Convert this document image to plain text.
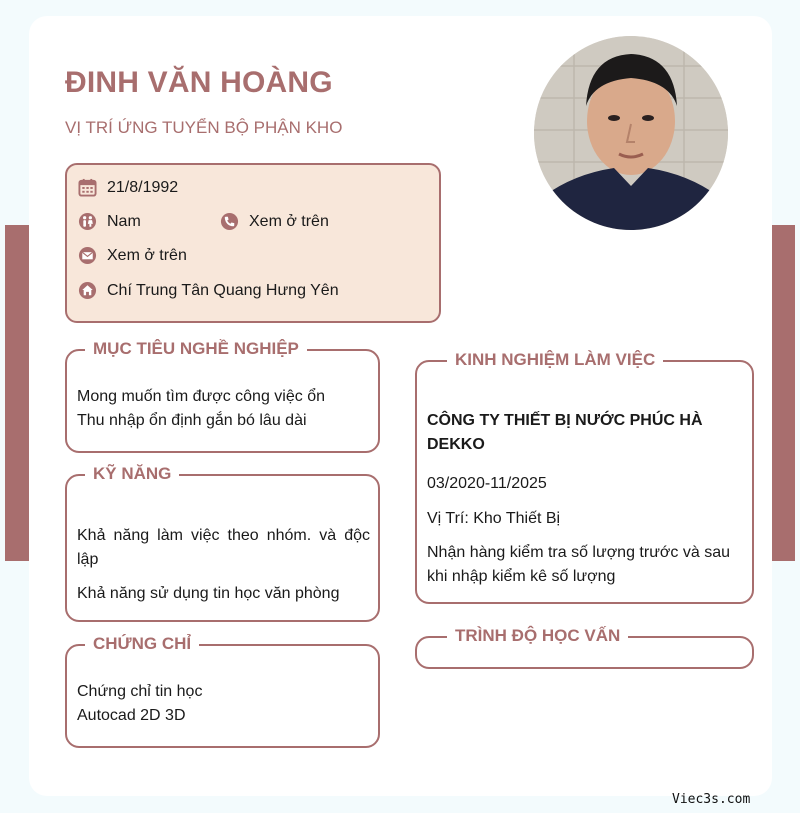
ĐINH VĂN HOÀNG
VỊ TRÍ ỨNG TUYỂN BỘ PHẬN KHO
21/8/1992
Nam	Xem ở trên
Xem ở trên
Chí Trung Tân Quang Hưng Yên
MỤC TIÊU NGHỀ NGHIỆP
Mong muốn tìm được công việc ổn
Thu nhập ổn định gắn bó lâu dài
KỸ NĂNG
Khả năng làm việc theo nhóm. và độc lập
Khả năng sử dụng tin học văn phòng
CHỨNG CHỈ
Chứng chỉ tin học
Autocad 2D 3D
KINH NGHIỆM LÀM VIỆC
CÔNG TY THIẾT BỊ NƯỚC PHÚC HÀ DEKKO
03/2020-11/2025
Vị Trí: Kho Thiết Bị
Nhận hàng kiểm tra số lượng trước và sau khi nhập kiểm kê số lượng
TRÌNH ĐỘ HỌC VẤN
Viec3s.com
